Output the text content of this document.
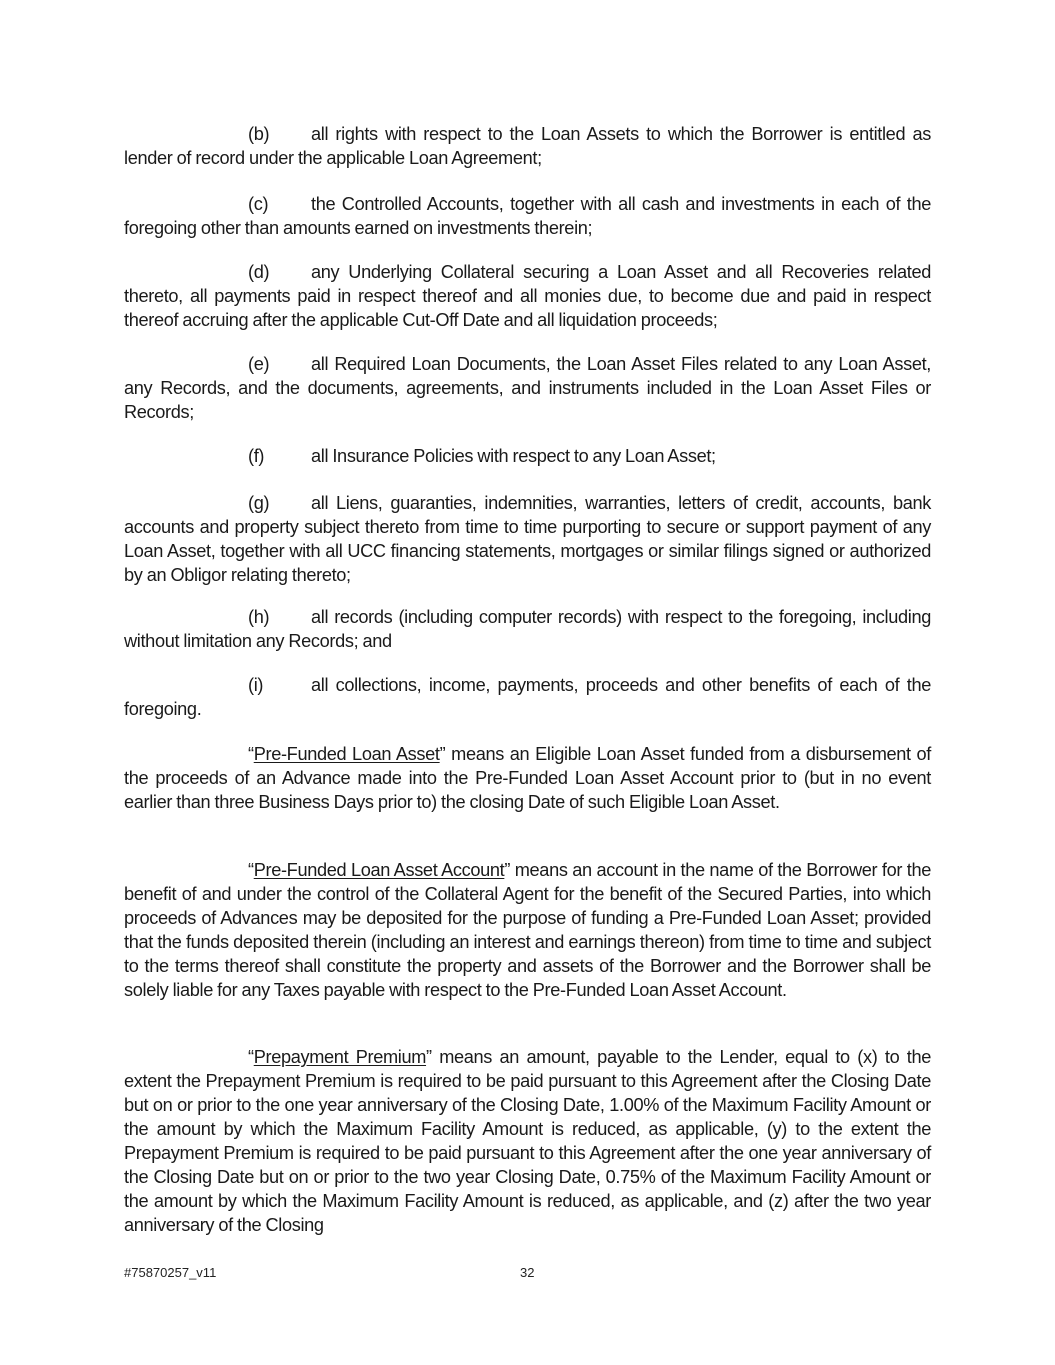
(b) all rights with respect to the Loan Assets to which the Borrower is entitled as lender of record under the applicable Loan Agreement;

(c) the Controlled Accounts, together with all cash and investments in each of the foregoing other than amounts earned on investments therein;

(d) any Underlying Collateral securing a Loan Asset and all Recoveries related thereto, all payments paid in respect thereof and all monies due, to become due and paid in respect thereof accruing after the applicable Cut-Off Date and all liquidation proceeds;

(e) all Required Loan Documents, the Loan Asset Files related to any Loan Asset, any Records, and the documents, agreements, and instruments included in the Loan Asset Files or Records;

(f)	all Insurance Policies with respect to any Loan Asset;

(g) all Liens, guaranties, indemnities, warranties, letters of credit, accounts, bank accounts and property subject thereto from time to time purporting to secure or support payment of any Loan Asset, together with all UCC financing statements, mortgages or similar filings signed or authorized by an Obligor relating thereto;

(h) all records (including computer records) with respect to the foregoing, including without limitation any Records; and

(i)	all collections, income, payments, proceeds and other benefits of each of the foregoing.

“Pre-Funded Loan Asset” means an Eligible Loan Asset funded from a disbursement of the proceeds of an Advance made into the Pre-Funded Loan Asset Account prior to (but in no event earlier than three Business Days prior to) the closing Date of such Eligible Loan Asset.

“Pre-Funded Loan Asset Account” means an account in the name of the Borrower for the benefit of and under the control of the Collateral Agent for the benefit of the Secured Parties, into which proceeds of Advances may be deposited for the purpose of funding a Pre-Funded Loan Asset; provided that the funds deposited therein (including an interest and earnings thereon) from time to time and subject to the terms thereof shall constitute the property and assets of the Borrower and the Borrower shall be solely liable for any Taxes payable with respect to the Pre-Funded Loan Asset Account.

“Prepayment Premium” means an amount, payable to the Lender, equal to (x) to the extent the Prepayment Premium is required to be paid pursuant to this Agreement after the Closing Date but on or prior to the one year anniversary of the Closing Date, 1.00% of the Maximum Facility Amount or the amount by which the Maximum Facility Amount is reduced, as applicable, (y) to the extent the Prepayment Premium is required to be paid pursuant to this Agreement after the one year anniversary of the Closing Date but on or prior to the two year Closing Date, 0.75% of the Maximum Facility Amount or the amount by which the Maximum Facility Amount is reduced, as applicable, and (z) after the two year anniversary of the Closing

#75870257_v11	32
